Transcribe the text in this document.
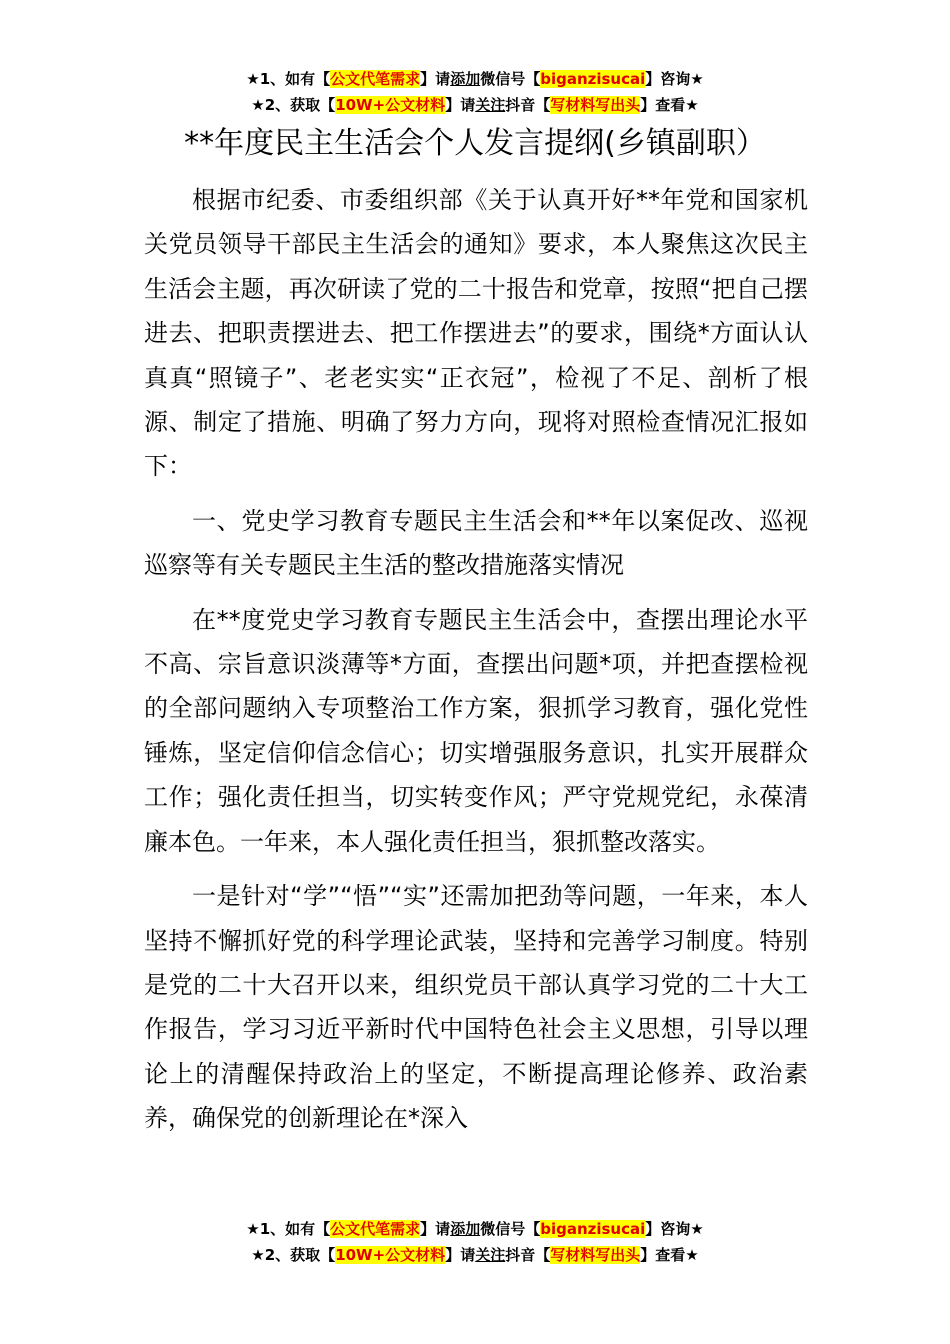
★1、如有【公文代笔需求】请添加微信号【biganzisucai】咨询★
★2、获取【10W+公文材料】请关注抖音【写材料写出头】查看★
**年度民主生活会个人发言提纲(乡镇副职）

根据市纪委、市委组织部《关于认真开好**年党和国家机关党员领导干部民主生活会的通知》要求，本人聚焦这次民主生活会主题，再次研读了党的二十报告和党章，按照“把自己摆进去、把职责摆进去、把工作摆进去”的要求，围绕*方面认认真真“照镜子”、老老实实“正衣冠”，检视了不足、剖析了根源、制定了措施、明确了努力方向，现将对照检查情况汇报如下：

一、党史学习教育专题民主生活会和**年以案促改、巡视巡察等有关专题民主生活的整改措施落实情况

在**度党史学习教育专题民主生活会中，查摆出理论水平不高、宗旨意识淡薄等*方面，查摆出问题*项，并把查摆检视的全部问题纳入专项整治工作方案，狠抓学习教育，强化党性锤炼，坚定信仰信念信心；切实增强服务意识，扎实开展群众工作；强化责任担当，切实转变作风；严守党规党纪，永葆清廉本色。一年来，本人强化责任担当，狠抓整改落实。

一是针对“学”“悟”“实”还需加把劲等问题，一年来，本人坚持不懈抓好党的科学理论武装，坚持和完善学习制度。特别是党的二十大召开以来，组织党员干部认真学习党的二十大工作报告，学习习近平新时代中国特色社会主义思想，引导以理论上的清醒保持政治上的坚定，不断提高理论修养、政治素养，确保党的创新理论在*深入

★1、如有【公文代笔需求】请添加微信号【biganzisucai】咨询★
★2、获取【10W+公文材料】请关注抖音【写材料写出头】查看★
